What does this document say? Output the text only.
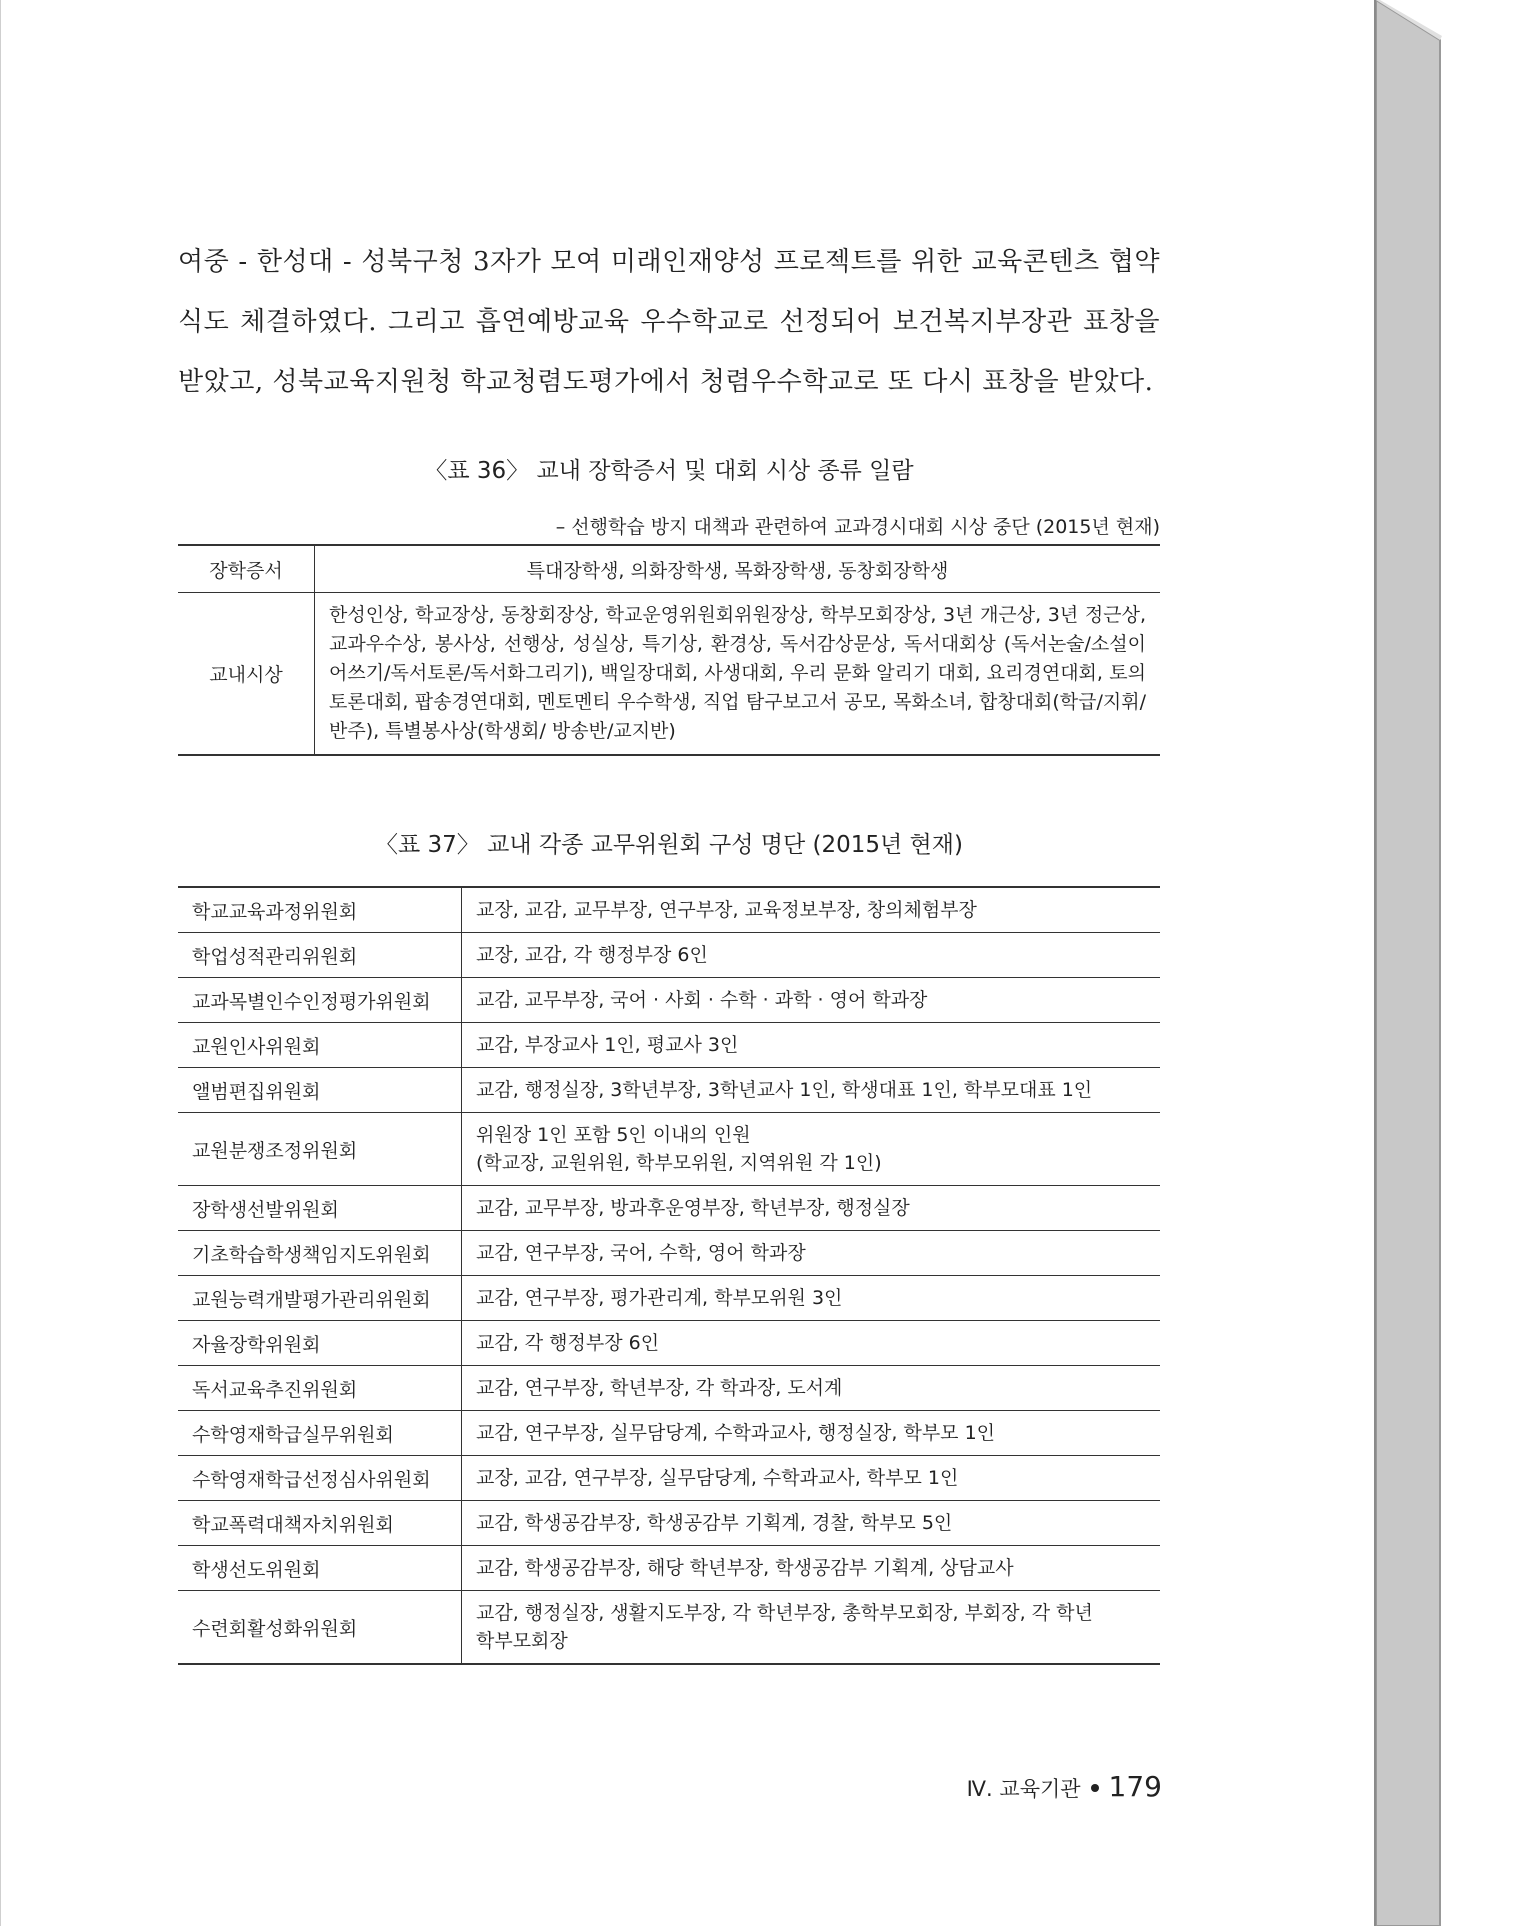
여중 - 한성대 - 성북구청 3자가 모여 미래인재양성 프로젝트를 위한 교육콘텐츠 협약식도 체결하였다. 그리고 흡연예방교육 우수학교로 선정되어 보건복지부장관 표창을 받았고, 성북교육지원청 학교청렴도평가에서 청렴우수학교로 또 다시 표창을 받았다.
〈표 36〉 교내 장학증서 및 대회 시상 종류 일람
– 선행학습 방지 대책과 관련하여 교과경시대회 시상 중단 (2015년 현재)
장학증서	특대장학생, 의화장학생, 목화장학생, 동창회장학생
교내시상	한성인상, 학교장상, 동창회장상, 학교운영위원회위원장상, 학부모회장상, 3년 개근상, 3년 정근상, 교과우수상, 봉사상, 선행상, 성실상, 특기상, 환경상, 독서감상문상, 독서대회상 (독서논술/소설이어쓰기/독서토론/독서화그리기), 백일장대회, 사생대회, 우리 문화 알리기 대회, 요리경연대회, 토의토론대회, 팝송경연대회, 멘토멘티 우수학생, 직업 탐구보고서 공모, 목화소녀, 합창대회(학급/지휘/반주), 특별봉사상(학생회/ 방송반/교지반)
〈표 37〉 교내 각종 교무위원회 구성 명단 (2015년 현재)
학교교육과정위원회	교장, 교감, 교무부장, 연구부장, 교육정보부장, 창의체험부장

학업성적관리위원회	교장, 교감, 각 행정부장 6인

교과목별인수인정평가위원회	교감, 교무부장, 국어 · 사회 · 수학 · 과학 · 영어 학과장

교원인사위원회	교감, 부장교사 1인, 평교사 3인

앨범편집위원회	교감, 행정실장, 3학년부장, 3학년교사 1인, 학생대표 1인, 학부모대표 1인

교원분쟁조정위원회	위원장 1인 포함 5인 이내의 인원
(학교장, 교원위원, 학부모위원, 지역위원 각 1인)

장학생선발위원회	교감, 교무부장, 방과후운영부장, 학년부장, 행정실장

기초학습학생책임지도위원회	교감, 연구부장, 국어, 수학, 영어 학과장

교원능력개발평가관리위원회	교감, 연구부장, 평가관리계, 학부모위원 3인

자율장학위원회	교감, 각 행정부장 6인

독서교육추진위원회	교감, 연구부장, 학년부장, 각 학과장, 도서계

수학영재학급실무위원회	교감, 연구부장, 실무담당계, 수학과교사, 행정실장, 학부모 1인

수학영재학급선정심사위원회	교장, 교감, 연구부장, 실무담당계, 수학과교사, 학부모 1인

학교폭력대책자치위원회	교감, 학생공감부장, 학생공감부 기획계, 경찰, 학부모 5인

학생선도위원회	교감, 학생공감부장, 해당 학년부장, 학생공감부 기획계, 상담교사

수련회활성화위원회	교감, 행정실장, 생활지도부장, 각 학년부장, 총학부모회장, 부회장, 각 학년
학부모회장
Ⅳ. 교육기관 179
